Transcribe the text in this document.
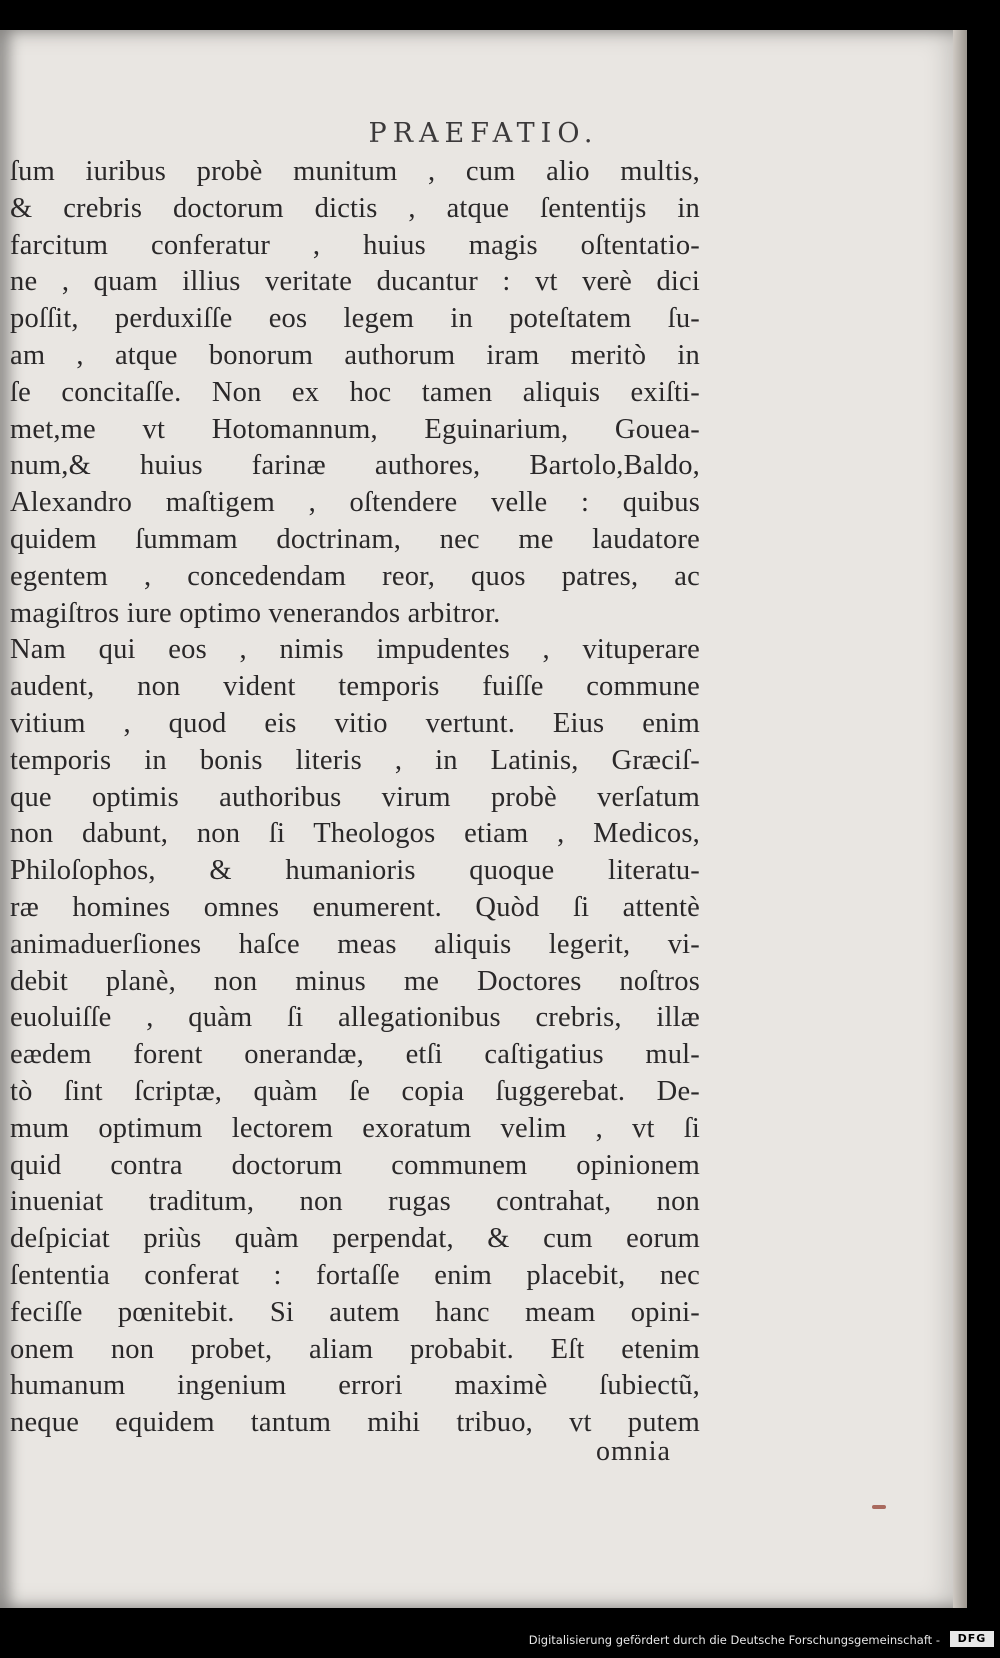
PRAEFATIO.
ſum iuribus probè munitum , cum alio multis,
& crebris doctorum dictis , atque ſententijs in
farcitum conferatur , huius magis oſtentatio-
ne , quam illius veritate ducantur : vt verè dici
poſſit, perduxiſſe eos legem in poteſtatem ſu-
am , atque bonorum authorum iram meritò in
ſe concitaſſe. Non ex hoc tamen aliquis exiſti-
met,me vt Hotomannum, Eguinarium, Gouea-
num,& huius farinæ authores, Bartolo,Baldo,
Alexandro maſtigem , oſtendere velle : quibus
quidem ſummam doctrinam, nec me laudatore
egentem , concedendam reor, quos patres, ac
magiſtros iure optimo venerandos arbitror.
Nam qui eos , nimis impudentes , vituperare
audent, non vident temporis fuiſſe commune
vitium , quod eis vitio vertunt. Eius enim
temporis in bonis literis , in Latinis, Græciſ-
que optimis authoribus virum probè verſatum
non dabunt, non ſi Theologos etiam , Medicos,
Philoſophos, & humanioris quoque literatu-
ræ homines omnes enumerent. Quòd ſi attentè
animaduerſiones haſce meas aliquis legerit, vi-
debit planè, non minus me Doctores noſtros
euoluiſſe , quàm ſi allegationibus crebris, illæ
eædem forent onerandæ, etſi caſtigatius mul-
tò ſint ſcriptæ, quàm ſe copia ſuggerebat. De-
mum optimum lectorem exoratum velim , vt ſi
quid contra doctorum communem opinionem
inueniat traditum, non rugas contrahat, non
deſpiciat priùs quàm perpendat, & cum eorum
ſententia conferat : fortaſſe enim placebit, nec
feciſſe pœnitebit. Si autem hanc meam opini-
onem non probet, aliam probabit. Eſt etenim
humanum ingenium errori maximè ſubiectũ,
neque equidem tantum mihi tribuo, vt putem
omnia
Digitalisierung gefördert durch die Deutsche Forschungsgemeinschaft -	DFG
